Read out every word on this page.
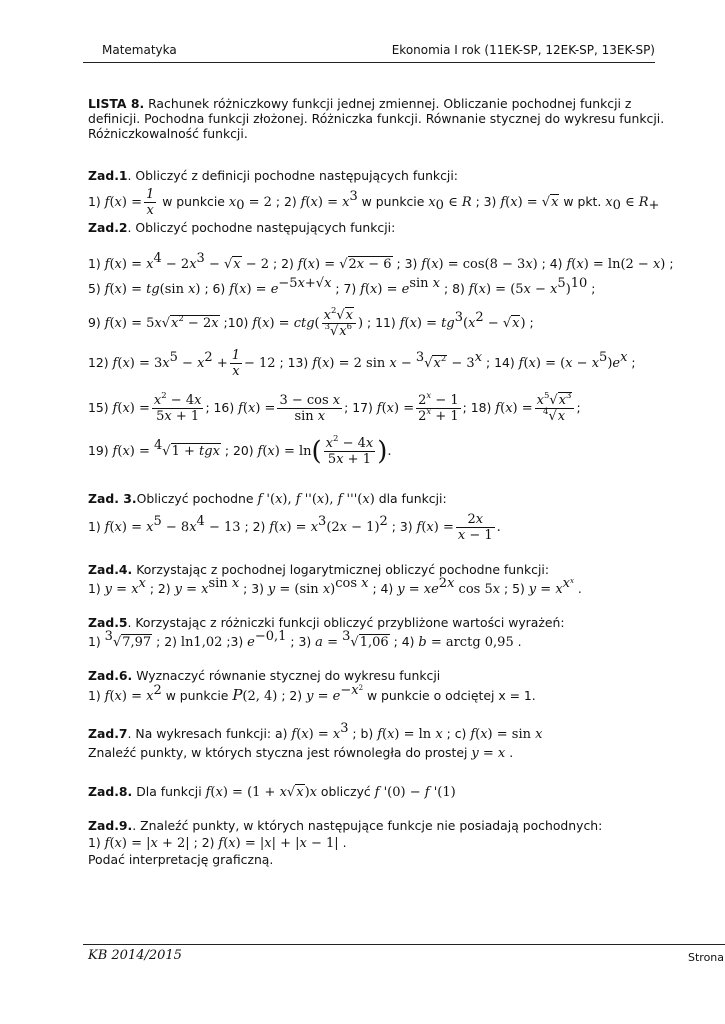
Matematyka	Ekonomia I rok (11EK-SP, 12EK-SP, 13EK-SP)
LISTA 8. Rachunek różniczkowy funkcji jednej zmiennej. Obliczanie pochodnej funkcji z definicji. Pochodna funkcji złożonej. Różniczka funkcji. Równanie stycznej do wykresu funkcji. Różniczkowalność funkcji.
Zad.1. Obliczyć z definicji pochodne następujących funkcji:
1) $f(x) = \frac{1}{x}$ w punkcie $x_0 = 2$ ; 2) $f(x) = x^3$ w punkcie $x_0$ ∈ R ; 3) f(x) = √x w pkt. $x_0$ ∈ $R_+$
Zad.2. Obliczyć pochodne następujących funkcji:
1) $f(x) = x^4 - 2x^3 - √x - 2$ ; 2) f(x) = √2x − 6 ; 3) f(x) = cos(8 − 3x) ; 4) f(x) = ln(2 − x) ;
5) f(x) = tg(sin x) ; 6) $f(x) = e^{-5x+√x}$ ; 7) $f(x) = e^{sin x}$ ; 8) $f(x) = (5x - x^5)^{10}$ ;
9) $f(x) = 5x√x^2 - 2x$ ;10) $f(x) = ctg( \frac{x^2√x}{^3√x^6}$ ) ; 11) $f(x) = tg^3(x^2 - √x)$ ;
12) $f(x) = 3x^5 - x^2 + \frac{1}{x} - 12$ ; 13) f(x) = 2 $\sin x - ^3√x^2 - 3^x$ ; 14) $f(x) = (x - x^5)e^x$ ;
15) $f(x) = \frac{x^2 - 4x}{5x + 1}$ ; 16) $f(x) = \frac{\text{3 − cos x}}{\text{sin x}}$ ; 17) $f(x) = \frac{2^x - 1}{2^x + 1}$ ; 18) $f(x) = \frac{x^5√x^3}{^4√x}$ ;
19) f(x) = $^4$√1 + tgx ; 20) $f(x) = \ln( \frac{x^2 - 4x}{5x + 1}$ ).
Zad. 3.Obliczyć pochodne f '(x), f ''(x), f '''(x) dla funkcji:
1) $f(x) = x^5 - 8x^4 - 13$ ; 2) $f(x) = x^3(2x - 1)^2$ ; 3) $f(x) = \frac{2x}{x - 1}$ .
Zad.4. Korzystając z pochodnej logarytmicznej obliczyć pochodne funkcji:
1) $y = x^x$ ; 2) $y = x^{sin x}$ ; 3) y = (sin x)$^{cos x}$ ; 4) $y = xe^{2x}$ cos 5x ; 5) $y = x^{x^x}$ .
Zad.5. Korzystając z różniczki funkcji obliczyć przybliżone wartości wyrażeń:
1) $^3$√7,97 ; 2) ln1,02 ;3) $e^{-0,1}$ ; 3) a = $^3$√1,06 ; 4) b = arctg 0,95 .
Zad.6. Wyznaczyć równanie stycznej do wykresu funkcji
1) $f(x) = x^2$ w punkcie P(2, 4) ; 2) $y = e^{-x^2}$ w punkcie o odciętej x = 1.
Zad.7. Na wykresach funkcji: a) $f(x) = x^3$ ; b) f(x) = ln x ; c) f(x) = sin x
Znaleźć punkty, w których styczna jest równoległa do prostej y = x .
Zad.8. Dla funkcji f(x) = (1 + x√x)x obliczyć f '(0) − f '(1)
Zad.9.. Znaleźć punkty, w których następujące funkcje nie posiadają pochodnych:
1) f(x) = |x + 2| ; 2) f(x) = |x| + |x − 1| .
Podać interpretację graficzną.
KB 2014/2015	Strona
